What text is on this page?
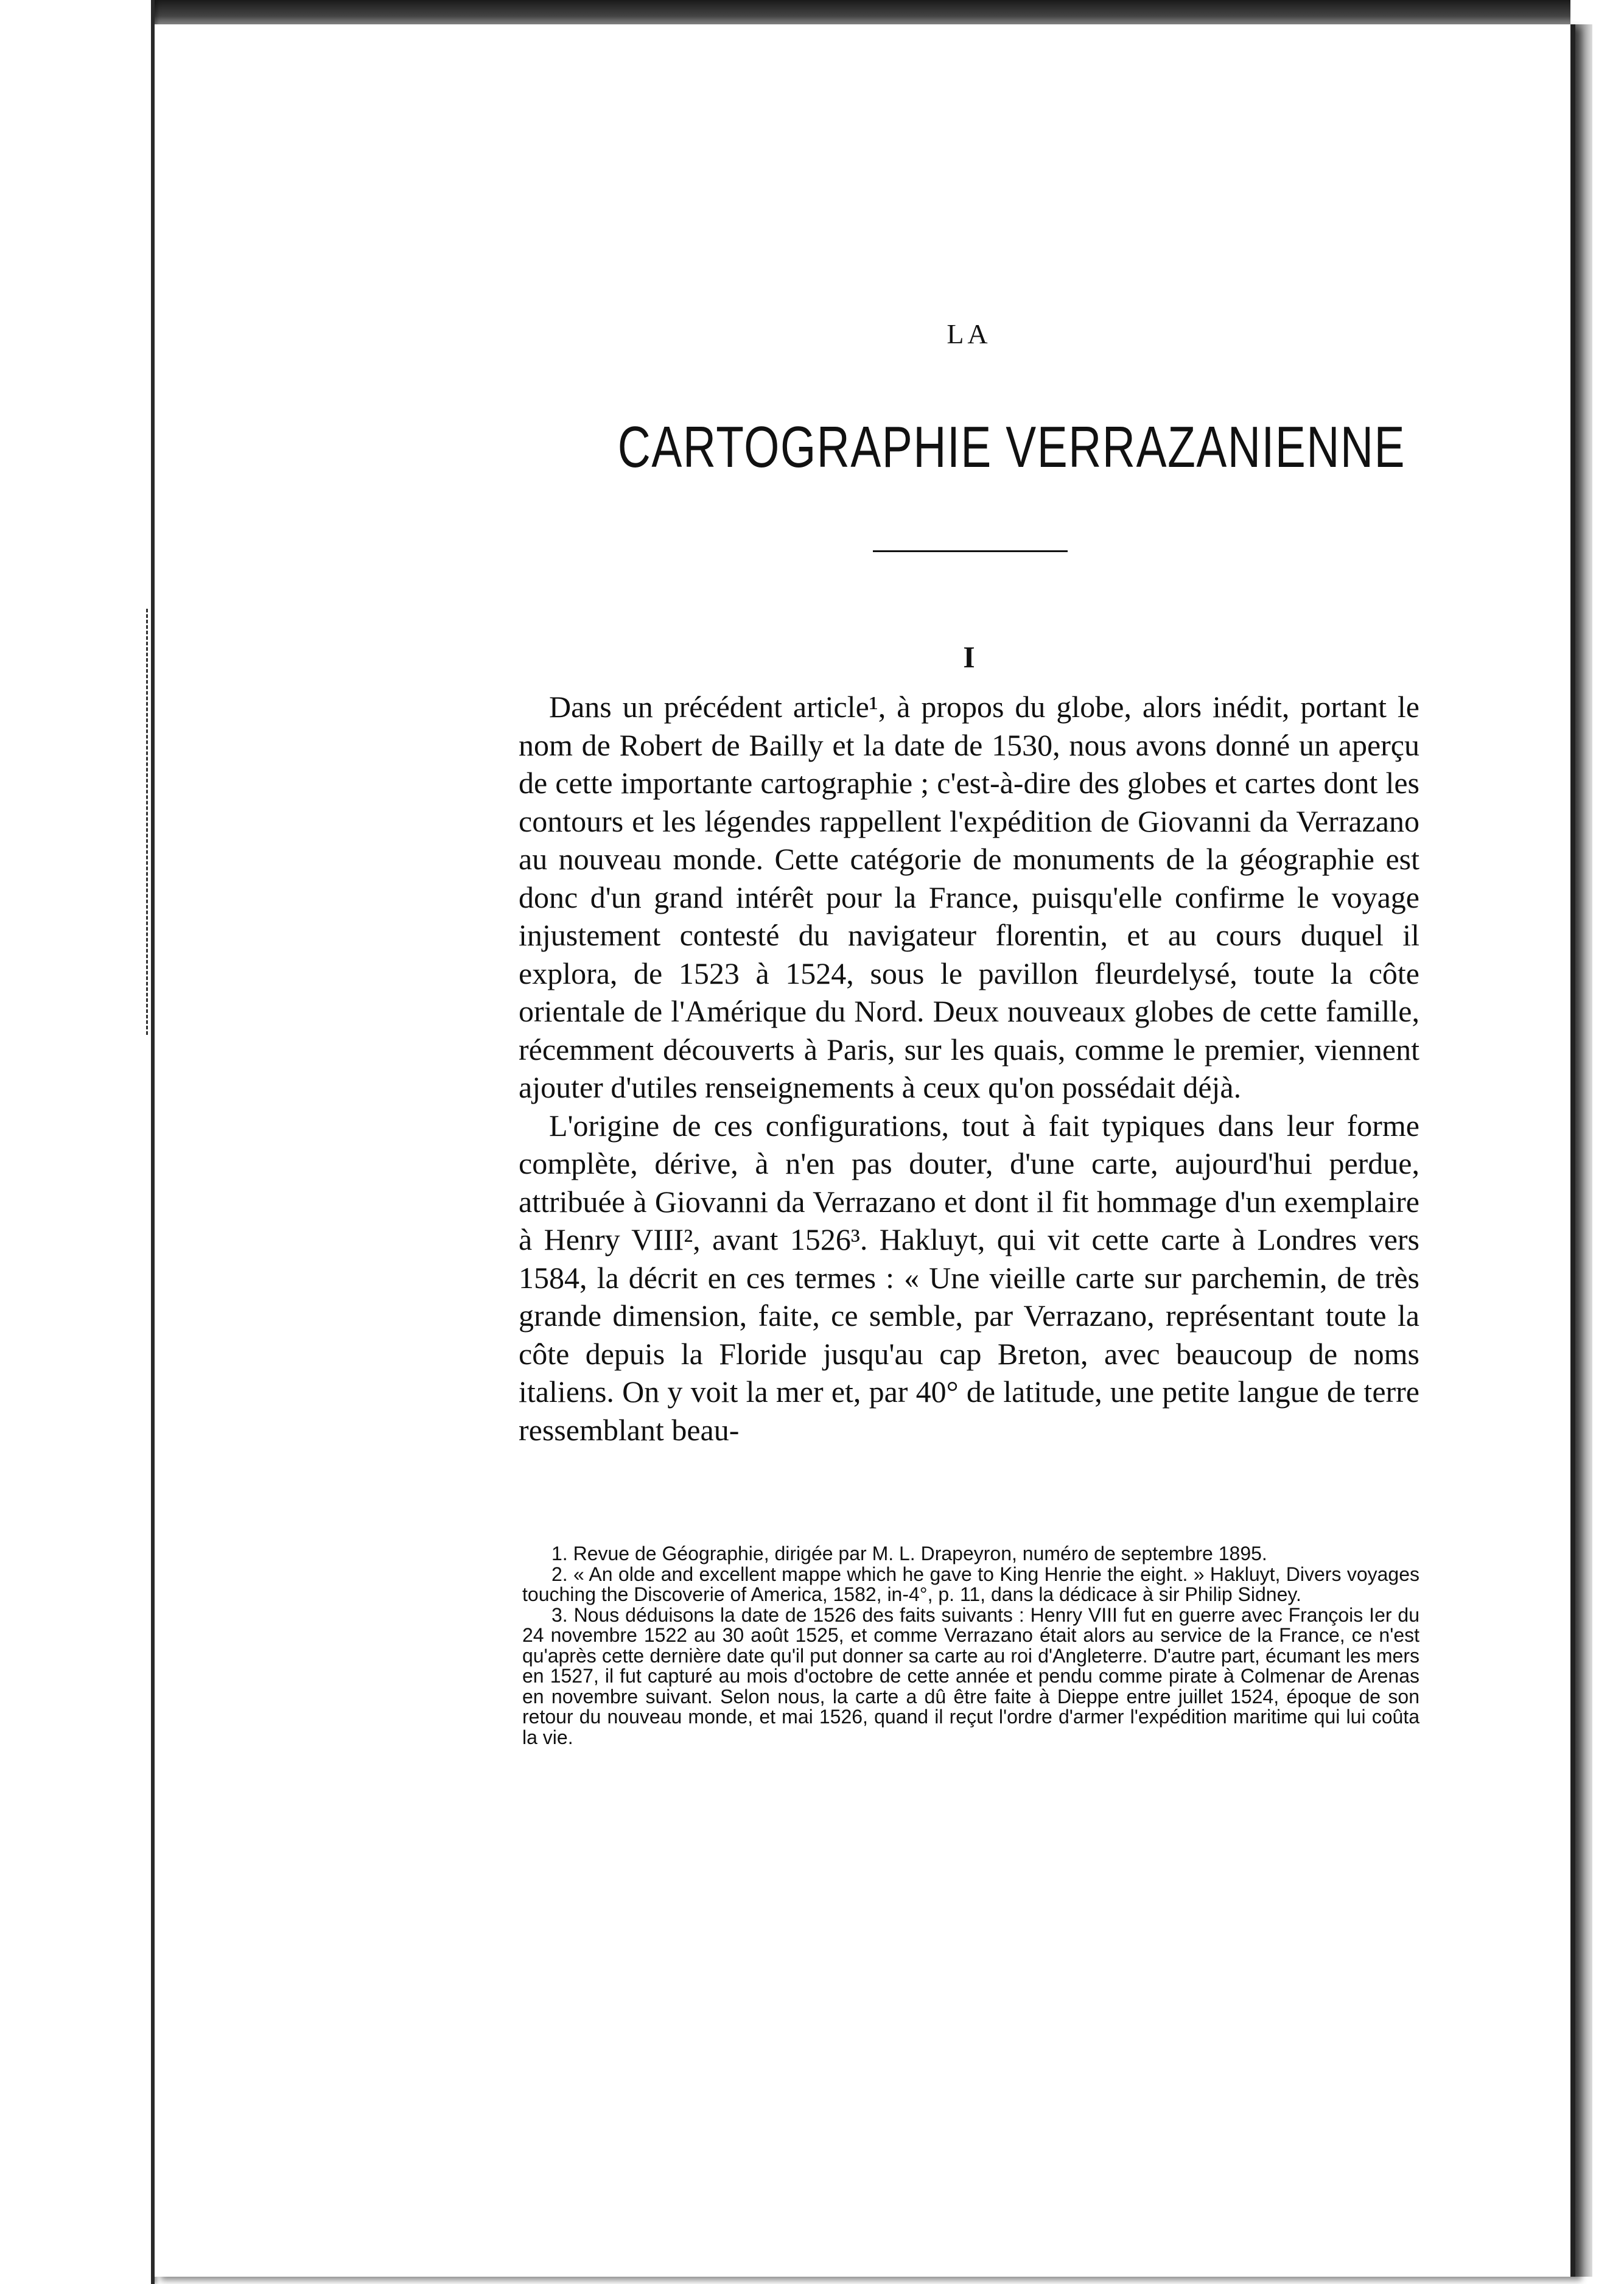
LA
CARTOGRAPHIE VERRAZANIENNE
I

Dans un précédent article¹, à propos du globe, alors inédit, portant le nom de Robert de Bailly et la date de 1530, nous avons donné un aperçu de cette importante cartographie ; c'est-à-dire des globes et cartes dont les contours et les légendes rappellent l'expédition de Giovanni da Verrazano au nouveau monde. Cette catégorie de monuments de la géographie est donc d'un grand intérêt pour la France, puisqu'elle confirme le voyage injustement contesté du navigateur florentin, et au cours duquel il explora, de 1523 à 1524, sous le pavillon fleurdelysé, toute la côte orientale de l'Amérique du Nord. Deux nouveaux globes de cette famille, récemment découverts à Paris, sur les quais, comme le premier, viennent ajouter d'utiles renseignements à ceux qu'on possédait déjà.

L'origine de ces configurations, tout à fait typiques dans leur forme complète, dérive, à n'en pas douter, d'une carte, aujourd'hui perdue, attribuée à Giovanni da Verrazano et dont il fit hommage d'un exemplaire à Henry VIII², avant 1526³. Hakluyt, qui vit cette carte à Londres vers 1584, la décrit en ces termes : « Une vieille carte sur parchemin, de très grande dimension, faite, ce semble, par Verrazano, représentant toute la côte depuis la Floride jusqu'au cap Breton, avec beaucoup de noms italiens. On y voit la mer et, par 40° de latitude, une petite langue de terre ressemblant beau-

1. Revue de Géographie, dirigée par M. L. Drapeyron, numéro de septembre 1895.

2. « An olde and excellent mappe which he gave to King Henrie the eight. » Hakluyt, Divers voyages touching the Discoverie of America, 1582, in-4°, p. 11, dans la dédicace à sir Philip Sidney.

3. Nous déduisons la date de 1526 des faits suivants : Henry VIII fut en guerre avec François Ier du 24 novembre 1522 au 30 août 1525, et comme Verrazano était alors au service de la France, ce n'est qu'après cette dernière date qu'il put donner sa carte au roi d'Angleterre. D'autre part, écumant les mers en 1527, il fut capturé au mois d'octobre de cette année et pendu comme pirate à Colmenar de Arenas en novembre suivant. Selon nous, la carte a dû être faite à Dieppe entre juillet 1524, époque de son retour du nouveau monde, et mai 1526, quand il reçut l'ordre d'armer l'expédition maritime qui lui coûta la vie.
